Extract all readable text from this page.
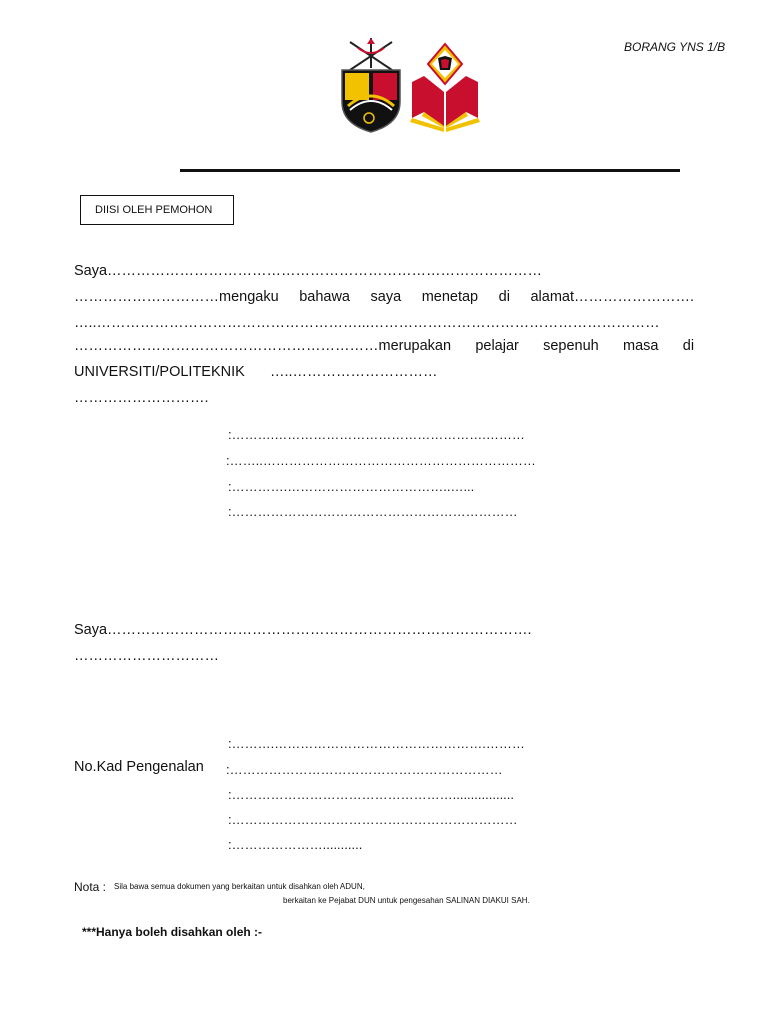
BORANG YNS 1/B
DIISI OLEH PEMOHON
Saya………………………………………………………………………………
…………………………mengaku bahawa saya menetap di alamat…………………….
…..………………………………………………...……………………………………………………
………………………………………………………merupakan pelajar sepenuh masa di
UNIVERSITI/POLITEKNIK …..…………………………
……………………….
:……….………………………………………….………
:……..………………………………………………………
:………….………………………………..…...
:…………………………………………………………
Saya…………………………………………………………………………….
…………………………
:……….………………………………………….………
No.Kad Pengenalan :………………………………………………………
:…………………………………………….................
:…………………………………………………………
:…………………...........
Nota : Sila bawa semua dokumen yang berkaitan untuk disahkan oleh ADUN,
berkaitan ke Pejabat DUN untuk pengesahan SALINAN DIAKUI SAH.
***Hanya boleh disahkan oleh :-
